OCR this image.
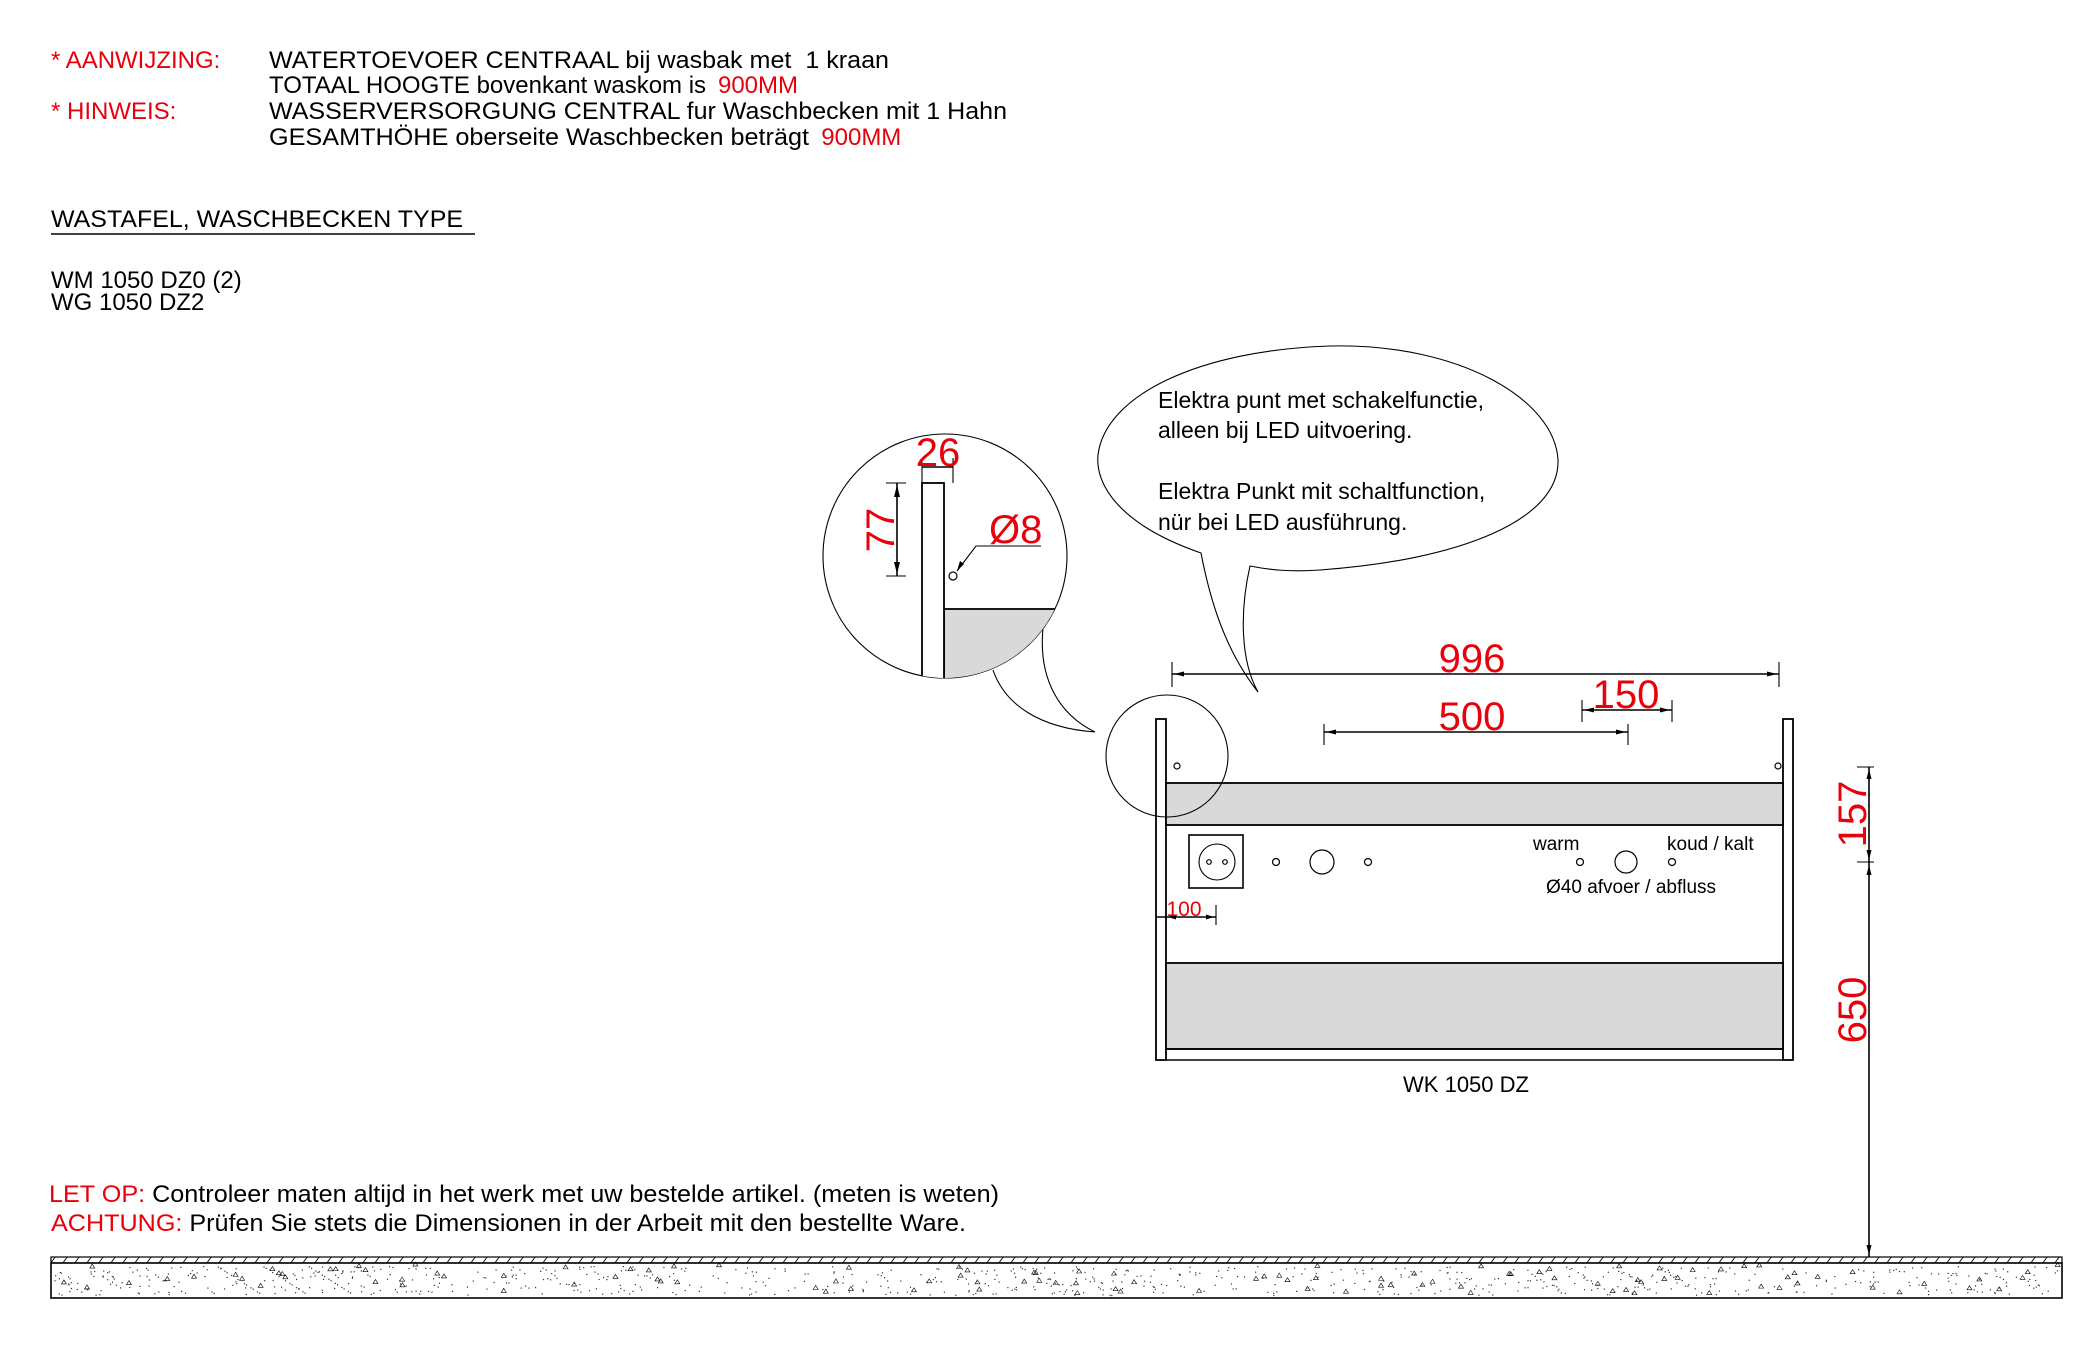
* AANWIJZING: WATERTOEVOER CENTRAAL bij wasbak met  1 kraan
TOTAAL HOOGTE bovenkant waskom is 900MM
* HINWEIS:	WASSERVERSORGUNG CENTRAL fur Waschbecken mit 1 Hahn
GESAMTHÖHE oberseite Waschbecken beträgt 900MM
WASTAFEL, WASCHBECKEN TYPE
WM 1050 DZ0 (2)
WG 1050 DZ2
Elektra punt met schakelfunctie,
alleen bij LED uitvoering.
Elektra Punkt mit schaltfunction,
nür bei LED ausführung.
26
77 Ø8
warm	koud / kalt
Ø40 afvoer / abfluss
996
500 150
100
WK 1050 DZ
157
650
LET OP: Controleer maten altijd in het werk met uw bestelde artikel. (meten is weten)
ACHTUNG: Prüfen Sie stets die Dimensionen in der Arbeit mit den bestellte Ware.
